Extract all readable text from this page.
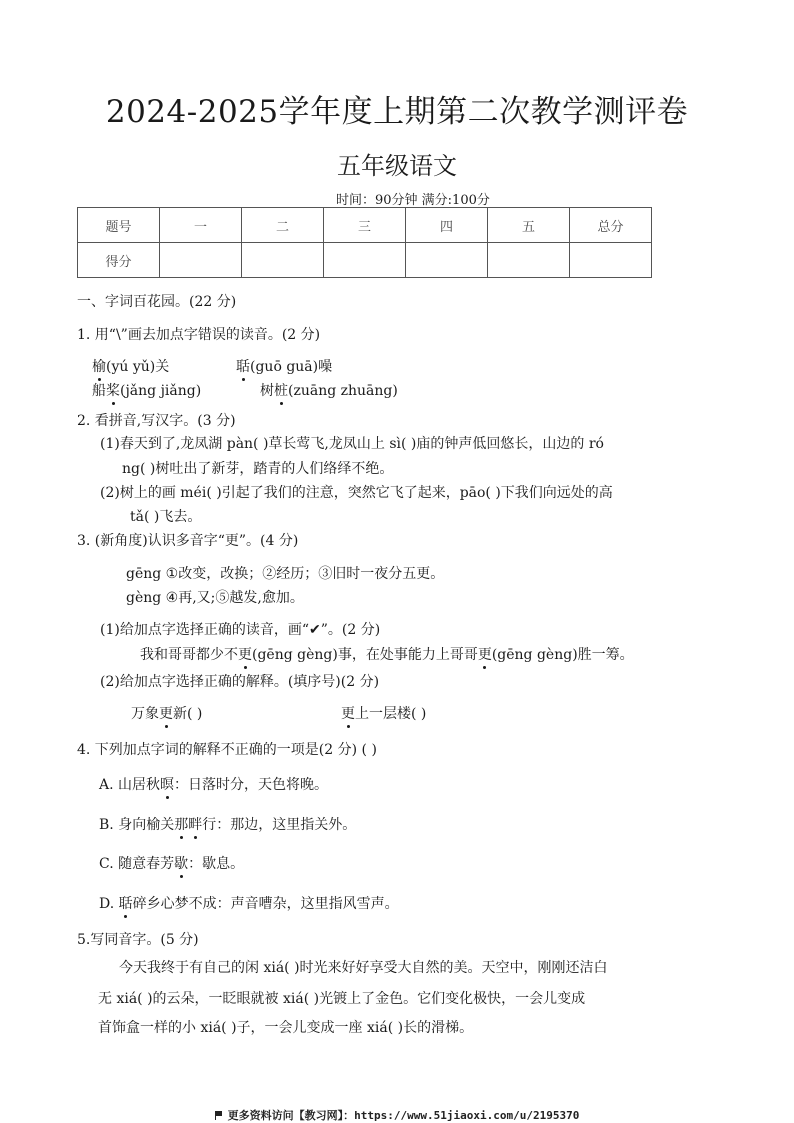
2024-2025学年度上期第二次教学测评卷
五年级语文
时间：90分钟 满分:100分
题号	一	二	三	四	五	总分
得分						
一、字词百花园。(22 分)
1. 用“\”画去加点字错误的读音。(2 分)
榆(yú yǔ)关	聒(guō guā)噪
船桨(jǎng jiǎng)	树桩(zuāng zhuāng)
2. 看拼音,写汉字。(3 分)
(1)春天到了,龙凤湖 pàn( )草长莺飞,龙凤山上 sì( )庙的钟声低回悠长，山边的 ró
ng( )树吐出了新芽，踏青的人们络绎不绝。
(2)树上的画 méi( )引起了我们的注意，突然它飞了起来，pāo( )下我们向远处的高
tǎ( )飞去。
3. (新角度)认识多音字“更”。(4 分)
gēng ①改变，改换；②经历；③旧时一夜分五更。
gèng ④再,又;⑤越发,愈加。
(1)给加点字选择正确的读音，画“✔”。(2 分)
我和哥哥都少不更(gēng gèng)事，在处事能力上哥哥更(gēng gèng)胜一筹。
(2)给加点字选择正确的解释。(填序号)(2 分)
万象更新( )	更上一层楼( )
4. 下列加点字词的解释不正确的一项是(2 分) ( )
A. 山居秋暝：日落时分，天色将晚。
B. 身向榆关那畔行：那边，这里指关外。
C. 随意春芳歇：歇息。
D. 聒碎乡心梦不成：声音嘈杂，这里指风雪声。
5.写同音字。(5 分)
今天我终于有自己的闲 xiá( )时光来好好享受大自然的美。天空中，刚刚还洁白
无 xiá( )的云朵，一眨眼就被 xiá( )光镀上了金色。它们变化极快，一会儿变成
首饰盒一样的小 xiá( )子，一会儿变成一座 xiá( )长的滑梯。
更多资料访问【教习网】：https://www.51jiaoxi.com/u/2195370
